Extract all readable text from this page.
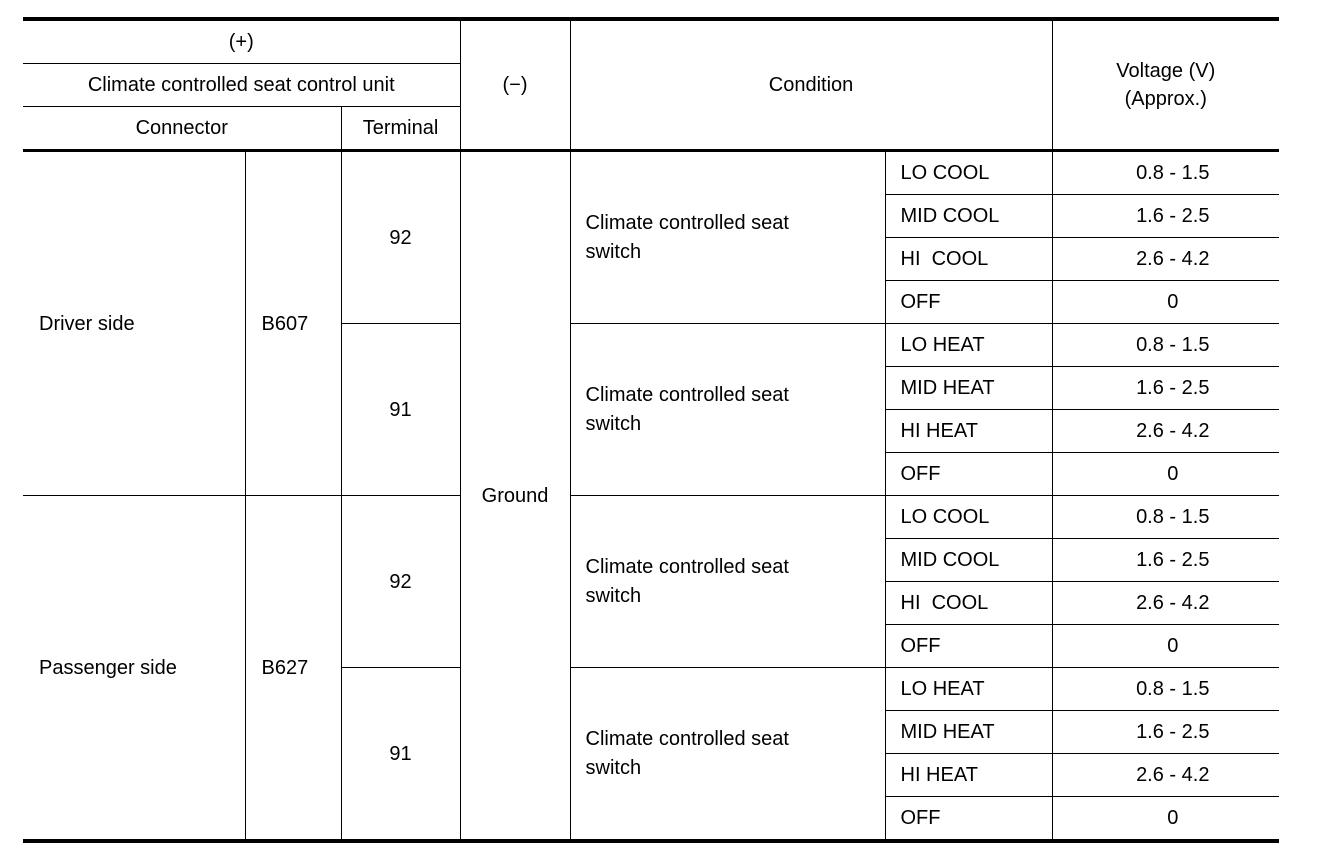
(+)			(−)	Condition		Voltage (V)
(Approx.)

Climate controlled seat control unit						
Connector		Terminal				
Driver side	B607	92	Ground	Climate controlled seat switch	LO COOL	0.8 - 1.5
					MID COOL	1.6 - 2.5
					HI  COOL	2.6 - 4.2
					OFF	0
		91		Climate controlled seat switch	LO HEAT	0.8 - 1.5
					MID HEAT	1.6 - 2.5
					HI HEAT	2.6 - 4.2
					OFF	0
Passenger side	B627	92		Climate controlled seat switch	LO COOL	0.8 - 1.5
					MID COOL	1.6 - 2.5
					HI  COOL	2.6 - 4.2
					OFF	0
		91		Climate controlled seat switch	LO HEAT	0.8 - 1.5
					MID HEAT	1.6 - 2.5
					HI HEAT	2.6 - 4.2
					OFF	0
